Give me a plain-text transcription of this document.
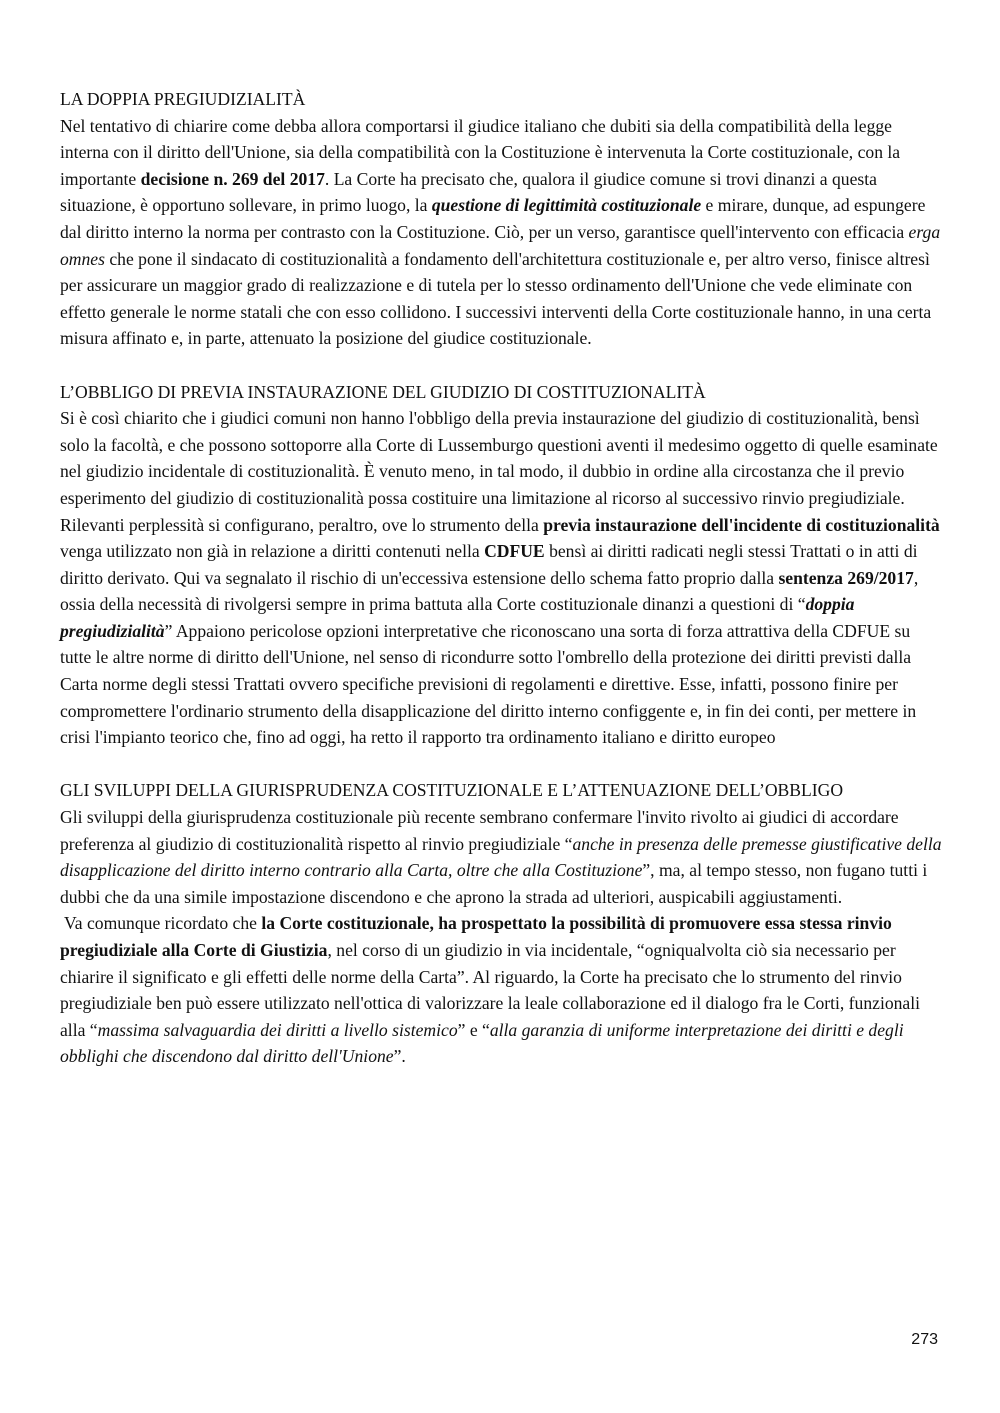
LA DOPPIA PREGIUDIZIALITÀ

Nel tentativo di chiarire come debba allora comportarsi il giudice italiano che dubiti sia della compatibilità della legge interna con il diritto dell'Unione, sia della compatibilità con la Costituzione è intervenuta la Corte costituzionale, con la importante decisione n. 269 del 2017. La Corte ha precisato che, qualora il giudice comune si trovi dinanzi a questa situazione, è opportuno sollevare, in primo luogo, la questione di legittimità costituzionale e mirare, dunque, ad espungere dal diritto interno la norma per contrasto con la Costituzione. Ciò, per un verso, garantisce quell'intervento con efficacia erga omnes che pone il sindacato di costituzionalità a fondamento dell'architettura costituzionale e, per altro verso, finisce altresì per assicurare un maggior grado di realizzazione e di tutela per lo stesso ordinamento dell'Unione che vede eliminate con effetto generale le norme statali che con esso collidono. I successivi interventi della Corte costituzionale hanno, in una certa misura affinato e, in parte, attenuato la posizione del giudice costituzionale.

L’OBBLIGO DI PREVIA INSTAURAZIONE DEL GIUDIZIO DI COSTITUZIONALITÀ

Si è così chiarito che i giudici comuni non hanno l'obbligo della previa instaurazione del giudizio di costituzionalità, bensì solo la facoltà, e che possono sottoporre alla Corte di Lussemburgo questioni aventi il medesimo oggetto di quelle esaminate nel giudizio incidentale di costituzionalità. È venuto meno, in tal modo, il dubbio in ordine alla circostanza che il previo esperimento del giudizio di costituzionalità possa costituire una limitazione al ricorso al successivo rinvio pregiudiziale. Rilevanti perplessità si configurano, peraltro, ove lo strumento della previa instaurazione dell'incidente di costituzionalità venga utilizzato non già in relazione a diritti contenuti nella CDFUE bensì ai diritti radicati negli stessi Trattati o in atti di diritto derivato. Qui va segnalato il rischio di un'eccessiva estensione dello schema fatto proprio dalla sentenza 269/2017, ossia della necessità di rivolgersi sempre in prima battuta alla Corte costituzionale dinanzi a questioni di “doppia pregiudizialità” Appaiono pericolose opzioni interpretative che riconoscano una sorta di forza attrattiva della CDFUE su tutte le altre norme di diritto dell'Unione, nel senso di ricondurre sotto l'ombrello della protezione dei diritti previsti dalla Carta norme degli stessi Trattati ovvero specifiche previsioni di regolamenti e direttive. Esse, infatti, possono finire per compromettere l'ordinario strumento della disapplicazione del diritto interno configgente e, in fin dei conti, per mettere in crisi l'impianto teorico che, fino ad oggi, ha retto il rapporto tra ordinamento italiano e diritto europeo

GLI SVILUPPI DELLA GIURISPRUDENZA COSTITUZIONALE E L’ATTENUAZIONE DELL’OBBLIGO

Gli sviluppi della giurisprudenza costituzionale più recente sembrano confermare l'invito rivolto ai giudici di accordare preferenza al giudizio di costituzionalità rispetto al rinvio pregiudiziale “anche in presenza delle premesse giustificative della disapplicazione del diritto interno contrario alla Carta, oltre che alla Costituzione”, ma, al tempo stesso, non fugano tutti i dubbi che da una simile impostazione discendono e che aprono la strada ad ulteriori, auspicabili aggiustamenti.

Va comunque ricordato che la Corte costituzionale, ha prospettato la possibilità di promuovere essa stessa rinvio pregiudiziale alla Corte di Giustizia, nel corso di un giudizio in via incidentale, “ogniqualvolta ciò sia necessario per chiarire il significato e gli effetti delle norme della Carta”. Al riguardo, la Corte ha precisato che lo strumento del rinvio pregiudiziale ben può essere utilizzato nell'ottica di valorizzare la leale collaborazione ed il dialogo fra le Corti, funzionali alla “massima salvaguardia dei diritti a livello sistemico” e “alla garanzia di uniforme interpretazione dei diritti e degli obblighi che discendono dal diritto dell'Unione”.

273
